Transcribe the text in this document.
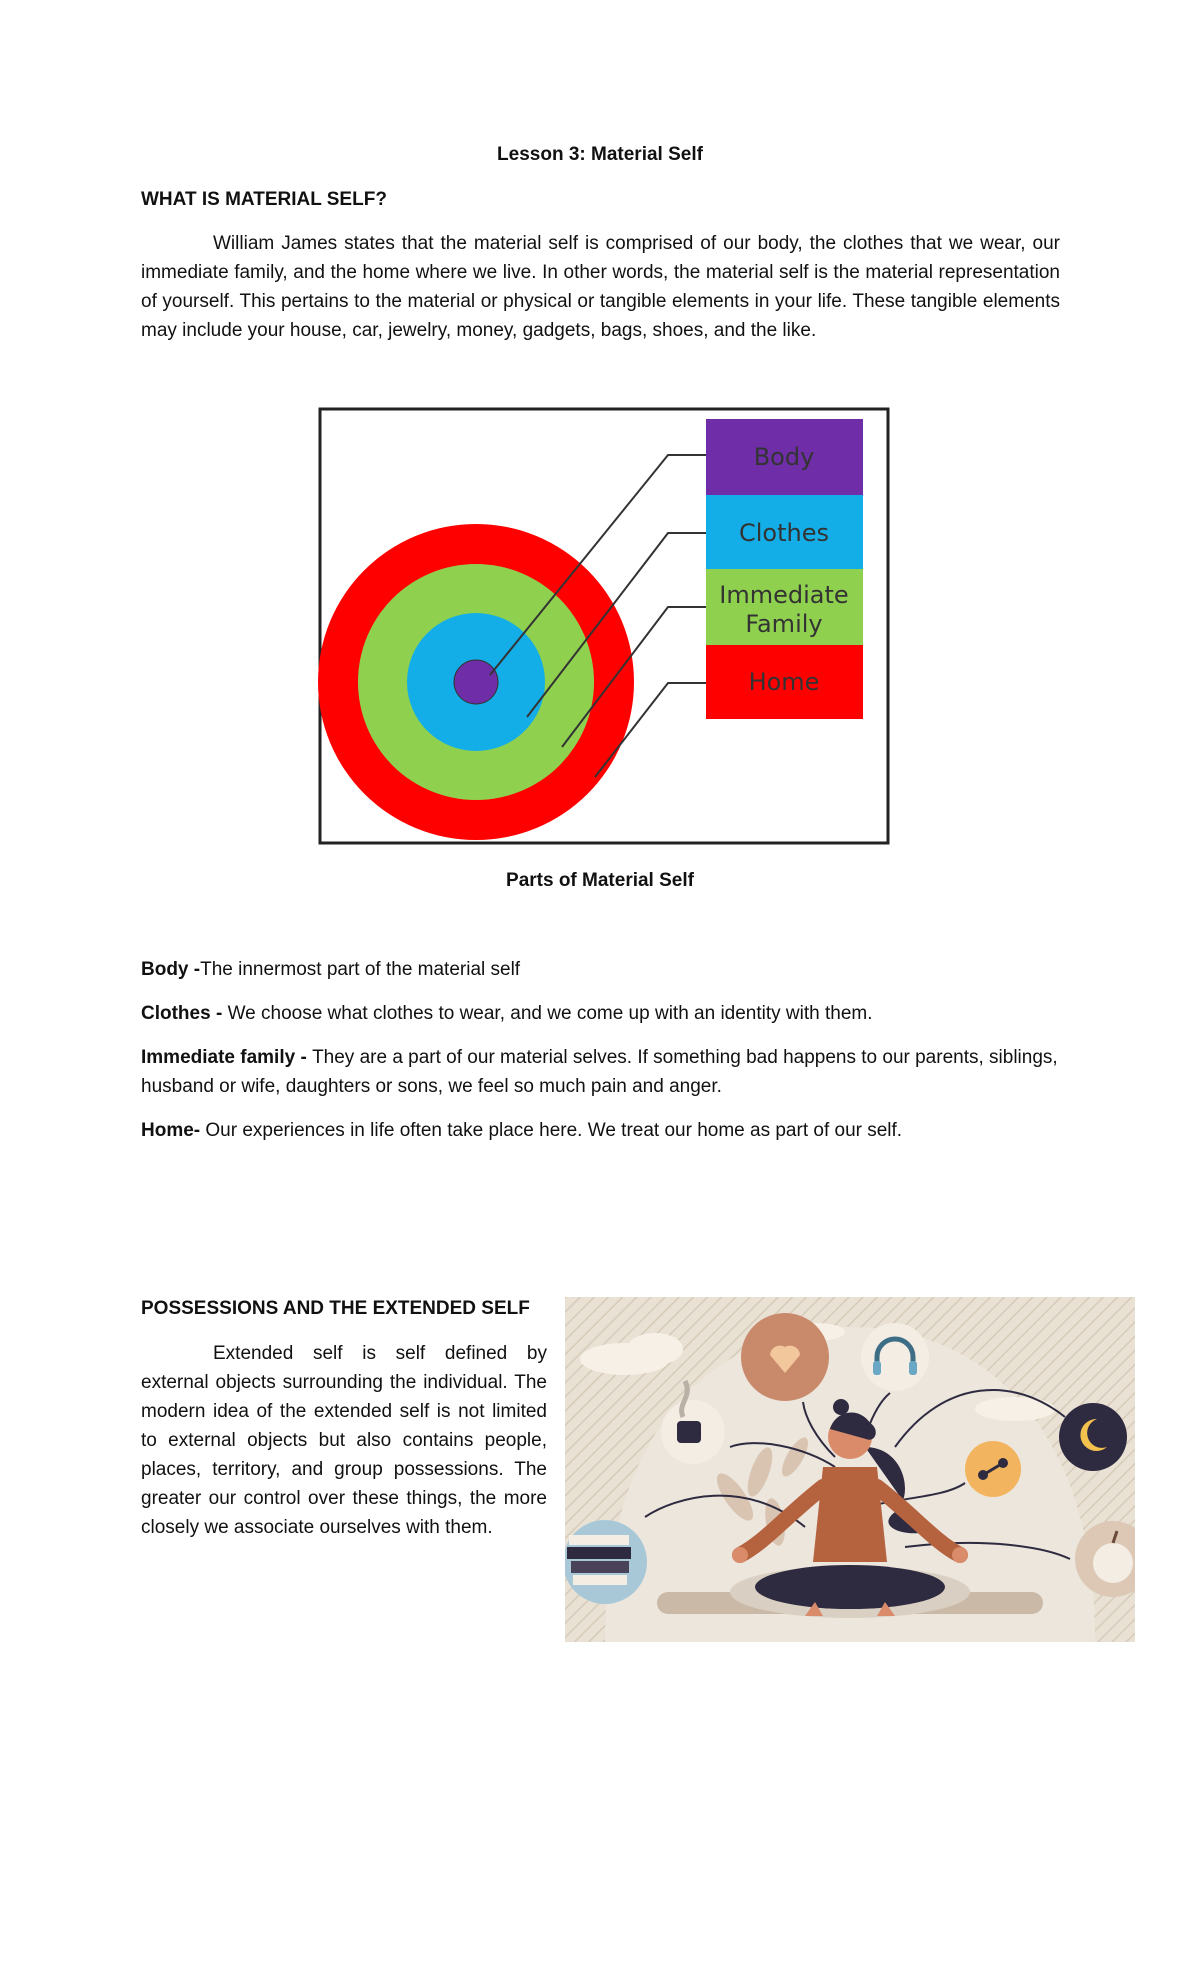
Lesson 3: Material Self
WHAT IS MATERIAL SELF?
William James states that the material self is comprised of our body, the clothes that we wear, our immediate family, and the home where we live. In other words, the material self is the material representation of yourself. This pertains to the material or physical or tangible elements in your life. These tangible elements may include your house, car, jewelry, money, gadgets, bags, shoes, and the like.
Body
Clothes
Immediate
Family
Home
Parts of Material Self
Body -The innermost part of the material self
Clothes - We choose what clothes to wear, and we come up with an identity with them.
Immediate family - They are a part of our material selves. If something bad happens to our parents, siblings, husband or wife, daughters or sons, we feel so much pain and anger.
Home- Our experiences in life often take place here. We treat our home as part of our self.
POSSESSIONS AND THE EXTENDED SELF
Extended self is self defined by external objects surrounding the individual. The modern idea of the extended self is not limited to external objects but also contains people, places, territory, and group possessions. The greater our control over these things, the more closely we associate ourselves with them.
